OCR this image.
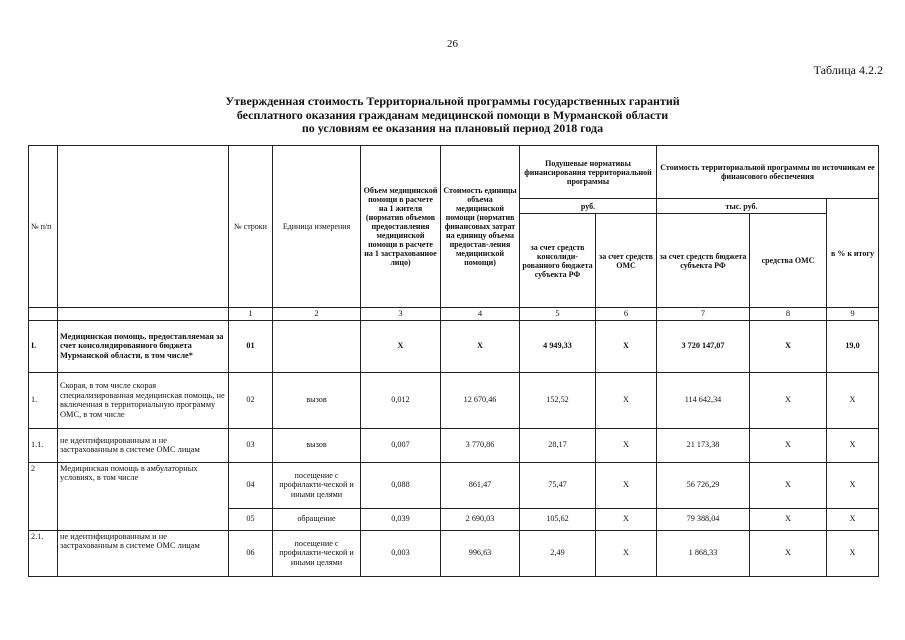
26
Таблица 4.2.2
Утвержденная стоимость Территориальной программы государственных гарантий
бесплатного оказания гражданам медицинской помощи в Мурманской области
по условиям ее оказания на плановый период 2018 года
№ п/п		№ строки	Единица измерения	Объем медицинской помощи в расчете на 1 жителя (норматив объемов предоставления медицинской помощи в расчете на 1 застрахованное лицо)	Стоимость единицы объема медицинской помощи (норматив финансовых затрат на единицу объема предостав-ления медицинской помощи)	Подушевые нормативы финансирования территориальной программы		Стоимость территориальной программы по источникам ее финансового обеспечения		
						руб.		тыс. руб.		в % к итогу
						за счет средств консолиди-рованного бюджета субъекта РФ	за счет средств ОМС	за счет средств бюджета субъекта РФ	средства ОМС	
		1	2	3	4	5	6	7	8	9
I.	Медицинская помощь, предоставляемая за счет консолидированного бюджета Мурманской области, в том числе*	01		X	X	4 949,33	X	3 720 147,07	X	19,0
1.	Скорая, в том числе скорая специализированная медицинская помощь, не включенная в территориальную программу ОМС, в том числе	02	вызов	0,012	12 670,46	152,52	X	114 642,34	X	X
1.1.	не идентифицированным и не застрахованным в системе ОМС лицам	03	вызов	0,007	3 770,86	28,17	X	21 173,38	X	X
2	Медицинская помощь в амбулаторных условиях, в том числе	04	посещение с профилакти-ческой и иными целями	0,088	861,47	75,47	X	56 726,29	X	X
		05	обращение	0,039	2 690,03	105,62	X	79 388,04	X	X
2.1.	не идентифицированным и не застрахованным в системе ОМС лицам	06	посещение с профилакти-ческой и иными целями	0,003	996,63	2,49	X	1 868,33	X	X
